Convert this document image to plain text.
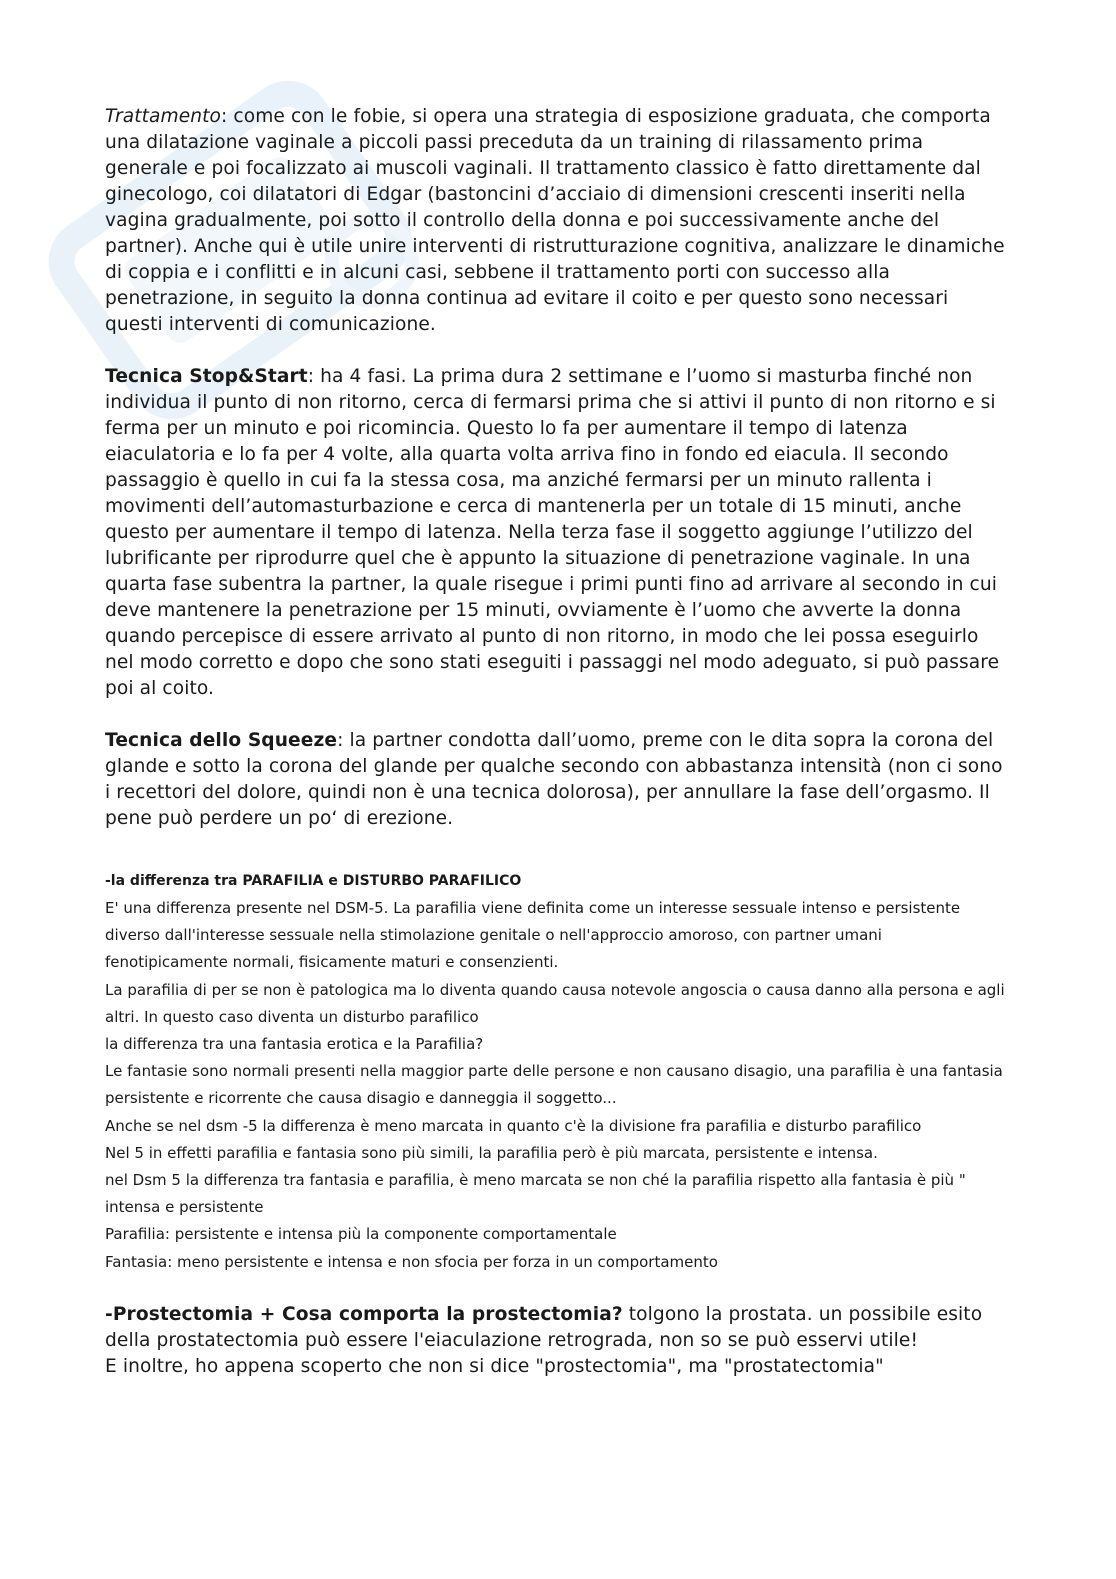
Trattamento: come con le fobie, si opera una strategia di esposizione graduata, che comporta una dilatazione vaginale a piccoli passi preceduta da un training di rilassamento prima generale e poi focalizzato ai muscoli vaginali. Il trattamento classico è fatto direttamente dal ginecologo, coi dilatatori di Edgar (bastoncini d’acciaio di dimensioni crescenti inseriti nella vagina gradualmente, poi sotto il controllo della donna e poi successivamente anche del partner). Anche qui è utile unire interventi di ristrutturazione cognitiva, analizzare le dinamiche di coppia e i conflitti e in alcuni casi, sebbene il trattamento porti con successo alla penetrazione, in seguito la donna continua ad evitare il coito e per questo sono necessari questi interventi di comunicazione.

Tecnica Stop&Start: ha 4 fasi. La prima dura 2 settimane e l’uomo si masturba finché non individua il punto di non ritorno, cerca di fermarsi prima che si attivi il punto di non ritorno e si ferma per un minuto e poi ricomincia. Questo lo fa per aumentare il tempo di latenza eiaculatoria e lo fa per 4 volte, alla quarta volta arriva fino in fondo ed eiacula. Il secondo passaggio è quello in cui fa la stessa cosa, ma anziché fermarsi per un minuto rallenta i movimenti dell’automasturbazione e cerca di mantenerla per un totale di 15 minuti, anche questo per aumentare il tempo di latenza. Nella terza fase il soggetto aggiunge l’utilizzo del lubrificante per riprodurre quel che è appunto la situazione di penetrazione vaginale. In una quarta fase subentra la partner, la quale risegue i primi punti fino ad arrivare al secondo in cui deve mantenere la penetrazione per 15 minuti, ovviamente è l’uomo che avverte la donna quando percepisce di essere arrivato al punto di non ritorno, in modo che lei possa eseguirlo nel modo corretto e dopo che sono stati eseguiti i passaggi nel modo adeguato, si può passare poi al coito.

Tecnica dello Squeeze: la partner condotta dall’uomo, preme con le dita sopra la corona del glande e sotto la corona del glande per qualche secondo con abbastanza intensità (non ci sono i recettori del dolore, quindi non è una tecnica dolorosa), per annullare la fase dell’orgasmo. Il pene può perdere un po‘ di erezione.

-la differenza tra PARAFILIA e DISTURBO PARAFILICO

E' una differenza presente nel DSM-5. La parafilia viene definita come un interesse sessuale intenso e persistente diverso dall'interesse sessuale nella stimolazione genitale o nell'approccio amoroso, con partner umani fenotipicamente normali, fisicamente maturi e consenzienti.

La parafilia di per se non è patologica ma lo diventa quando causa notevole angoscia o causa danno alla persona e agli altri. In questo caso diventa un disturbo parafilico

la differenza tra una fantasia erotica e la Parafilia?

Le fantasie sono normali presenti nella maggior parte delle persone e non causano disagio, una parafilia è una fantasia persistente e ricorrente che causa disagio e danneggia il soggetto...

Anche se nel dsm -5 la differenza è meno marcata in quanto c'è la divisione fra parafilia e disturbo parafilico

Nel 5 in effetti parafilia e fantasia sono più simili, la parafilia però è più marcata, persistente e intensa.

nel Dsm 5 la differenza tra fantasia e parafilia, è meno marcata se non ché la parafilia rispetto alla fantasia è più " intensa e persistente

Parafilia: persistente e intensa più la componente comportamentale

Fantasia: meno persistente e intensa e non sfocia per forza in un comportamento

-Prostectomia + Cosa comporta la prostectomia? tolgono la prostata. un possibile esito della prostatectomia può essere l'eiaculazione retrograda, non so se può esservi utile!

E inoltre, ho appena scoperto che non si dice "prostectomia", ma "prostatectomia"
